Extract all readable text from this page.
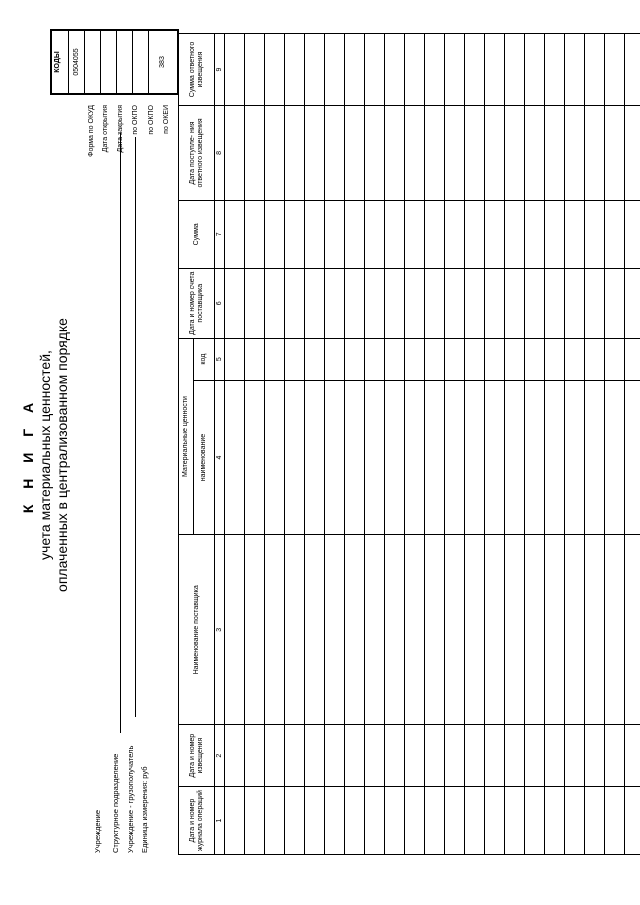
К Н И Г А учета материальных ценностей, оплаченных в централизованном порядке
Учреждение Структурное подразделение Учреждение - грузополучатель Единица измерения: руб
Форма по ОКУД Дата открытия Дата закрытия по ОКПО по ОКПО по ОКЕИ
КОДЫ	0504055	383
Дата и номер журнала операций	Дата и номер извещения	Наименование поставщика	Материальные ценности		Дата и номер счета поставщика	Сумма	Дата поступле- ния ответного извещения	Сумма ответного извещения
			наименование	код				
1	2	3	4	5	6	7	8	9
